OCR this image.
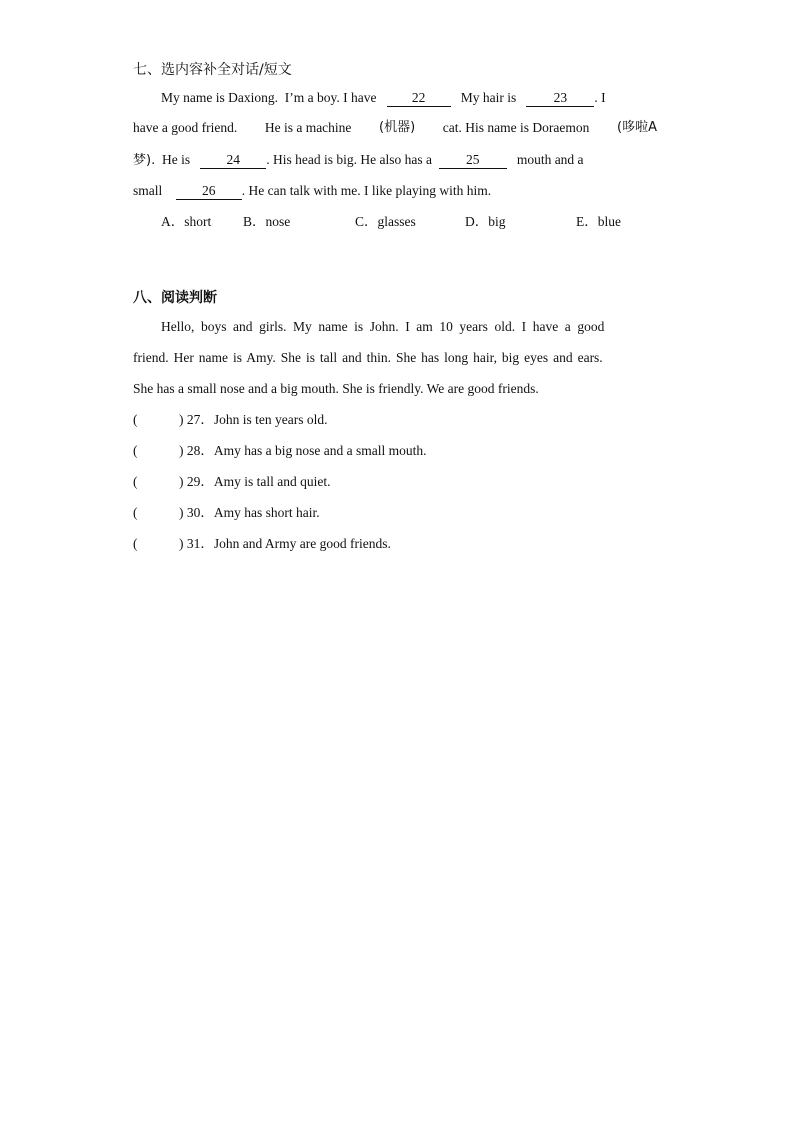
七、选内容补全对话/短文
My name is Daxiong. I’m a boy. I have	22	My hair is	23 . I
have a good friend. He is a machine (机器) cat. His name is Doraemon (哆啦A
梦). He is	24 . His head is big. He also has a	25	mouth and a
small	26 . He can talk with me. I like playing with him.
A．short B．nose	C．glasses	D．big	E．blue
八、阅读判断
Hello, boys and girls. My name is John. I am 10 years old. I have a good
friend. Her name is Amy. She is tall and thin. She has long hair, big eyes and ears.
She has a small nose and a big mouth. She is friendly. We are good friends.
(	) 27．John is ten years old.
(	) 28．Amy has a big nose and a small mouth.
(	) 29．Amy is tall and quiet.
(	) 30．Amy has short hair.
(	) 31．John and Army are good friends.
